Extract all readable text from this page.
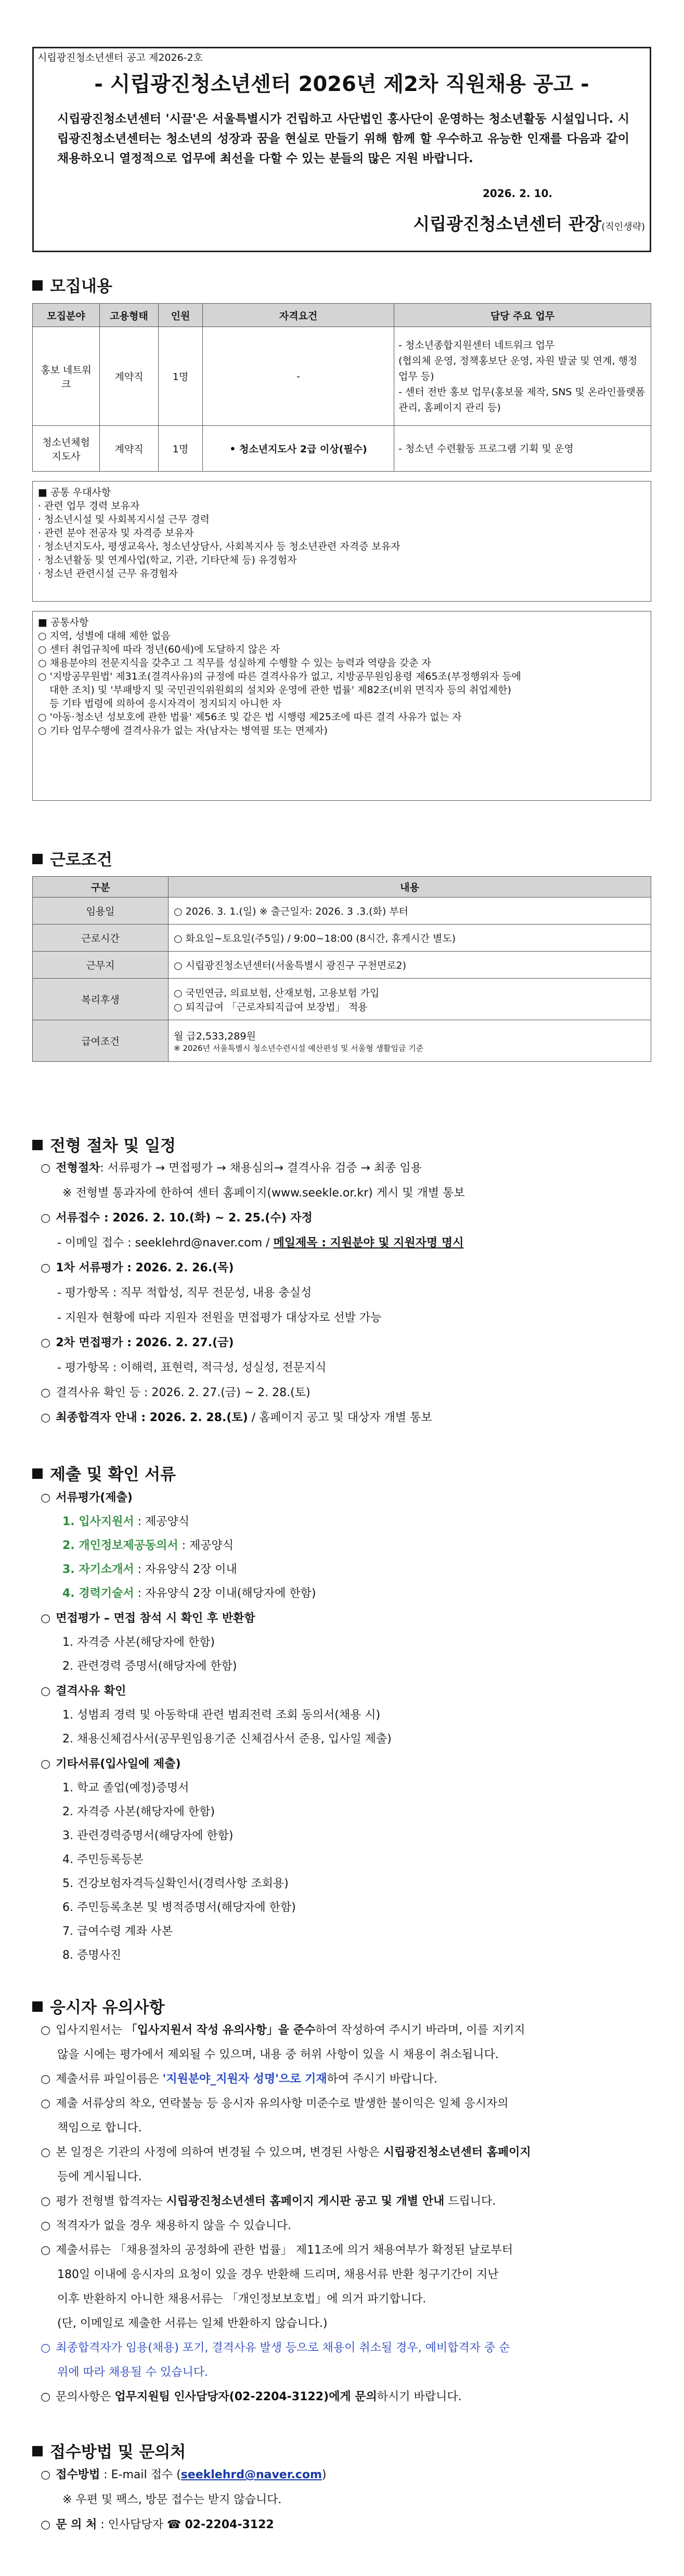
시립광진청소년센터 공고 제2026-2호
- 시립광진청소년센터 2026년 제2차 직원채용 공고 -
시립광진청소년센터 '시끌'은 서울특별시가 건립하고 사단법인 홍사단이 운영하는 청소년활동 시설입니다. 시립광진청소년센터는 청소년의 성장과 꿈을 현실로 만들기 위해 함께 할 우수하고 유능한 인재를 다음과 같이 채용하오니 열정적으로 업무에 최선을 다할 수 있는 분들의 많은 지원 바랍니다.
2026. 2. 10.
시립광진청소년센터 관장(직인생략)
모집내용
모집분야	고용형태	인원	자격요건	담당 주요 업무
홍보 네트워크	계약직	1명	-	- 청소년종합지원센터 네트워크 업무
(협의체 운영, 정책홍보단 운영, 자원 발굴 및 연계, 행정업무 등)
- 센터 전반 홍보 업무(홍보물 제작, SNS 및 온라인플랫폼 관리, 홈페이지 관리 등)

청소년체험 지도사	계약직	1명	• 청소년지도사 2급 이상(필수)	- 청소년 수련활동 프로그램 기획 및 운영
■ 공통 우대사항
· 관련 업무 경력 보유자
· 청소년시설 및 사회복지시설 근무 경력
· 관련 분야 전공자 및 자격증 보유자
· 청소년지도사, 평생교육사, 청소년상담사, 사회복지사 등 청소년관련 자격증 보유자
· 청소년활동 및 연계사업(학교, 기관, 기타단체 등) 유경험자
· 청소년 관련시설 근무 유경험자
■ 공통사항
○ 지역, 성별에 대해 제한 없음
○ 센터 취업규칙에 따라 정년(60세)에 도달하지 않은 자
○ 채용분야의 전문지식을 갖추고 그 직무를 성실하게 수행할 수 있는 능력과 역량을 갖춘 자
○ '지방공무원법' 제31조(결격사유)의 규정에 따른 결격사유가 없고, 지방공무원임용령 제65조(부정행위자 등에
대한 조치) 및 '부패방지 및 국민권익위원회의 설치와 운영에 관한 법률' 제82조(비위 면직자 등의 취업제한)
등 기타 법령에 의하여 응시자격이 정지되지 아니한 자
○ '아동·청소년 성보호에 관한 법률' 제56조 및 같은 법 시행령 제25조에 따른 결격 사유가 없는 자
○ 기타 업무수행에 결격사유가 없는 자(남자는 병역필 또는 면제자)
근로조건
구분	내용
임용일	○ 2026. 3. 1.(일) ※ 출근일자: 2026. 3 .3.(화) 부터
근로시간	○ 화요일~토요일(주5일) / 9:00~18:00 (8시간, 휴게시간 별도)
근무지	○ 시립광진청소년센터(서울특별시 광진구 구천면로2)
복리후생	○ 국민연금, 의료보험, 산재보험, 고용보험 가입
○ 퇴직급여 「근로자퇴직급여 보장법」 적용

급여조건	월 급2,533,289원
※ 2026년 서울특별시 청소년수련시설 예산편성 및 서울형 생활임금 기준
전형 절차 및 일정
○ 전형절차: 서류평가 → 면접평가 → 채용심의→ 결격사유 검증 → 최종 임용
※ 전형별 통과자에 한하여 센터 홈페이지(www.seekle.or.kr) 게시 및 개별 통보
○ 서류접수 : 2026. 2. 10.(화) ~ 2. 25.(수) 자정
- 이메일 접수 : seeklehrd@naver.com / 메일제목 : 지원분야 및 지원자명 명시
○ 1차 서류평가 : 2026. 2. 26.(목)
- 평가항목 : 직무 적합성, 직무 전문성, 내용 충실성
- 지원자 현황에 따라 지원자 전원을 면접평가 대상자로 선발 가능
○ 2차 면접평가 : 2026. 2. 27.(금)
- 평가항목 : 이해력, 표현력, 적극성, 성실성, 전문지식
○ 결격사유 확인 등 : 2026. 2. 27.(금) ~ 2. 28.(토)
○ 최종합격자 안내 : 2026. 2. 28.(토) / 홈페이지 공고 및 대상자 개별 통보
제출 및 확인 서류
○ 서류평가(제출)
1. 입사지원서 : 제공양식
2. 개인정보제공동의서 : 제공양식
3. 자기소개서 : 자유양식 2장 이내
4. 경력기술서 : 자유양식 2장 이내(해당자에 한함)
○ 면접평가 – 면접 참석 시 확인 후 반환함
1. 자격증 사본(해당자에 한함)
2. 관련경력 증명서(해당자에 한함)
○ 결격사유 확인
1. 성범죄 경력 및 아동학대 관련 범죄전력 조회 동의서(채용 시)
2. 채용신체검사서(공무원임용기준 신체검사서 준용, 입사일 제출)
○ 기타서류(입사일에 제출)
1. 학교 졸업(예정)증명서
2. 자격증 사본(해당자에 한함)
3. 관련경력증명서(해당자에 한함)
4. 주민등록등본
5. 건강보험자격득실확인서(경력사항 조회용)
6. 주민등록초본 및 병적증명서(해당자에 한함)
7. 급여수령 계좌 사본
8. 증명사진
응시자 유의사항
○ 입사지원서는 「입사지원서 작성 유의사항」을 준수하여 작성하여 주시기 바라며, 이를 지키지
않을 시에는 평가에서 제외될 수 있으며, 내용 중 허위 사항이 있을 시 채용이 취소됩니다.
○ 제출서류 파일이름은 '지원분야_지원자 성명'으로 기재하여 주시기 바랍니다.
○ 제출 서류상의 착오, 연락불능 등 응시자 유의사항 미준수로 발생한 불이익은 일체 응시자의
책임으로 합니다.
○ 본 일정은 기관의 사정에 의하여 변경될 수 있으며, 변경된 사항은 시립광진청소년센터 홈페이지
등에 게시됩니다.
○ 평가 전형별 합격자는 시립광진청소년센터 홈페이지 게시판 공고 및 개별 안내 드립니다.
○ 적격자가 없을 경우 채용하지 않을 수 있습니다.
○ 제출서류는 「채용절차의 공정화에 관한 법률」 제11조에 의거 채용여부가 확정된 날로부터
180일 이내에 응시자의 요청이 있을 경우 반환해 드리며, 채용서류 반환 청구기간이 지난
이후 반환하지 아니한 채용서류는 「개인정보보호법」에 의거 파기합니다.
(단, 이메일로 제출한 서류는 일체 반환하지 않습니다.)
○ 최종합격자가 임용(채용) 포기, 결격사유 발생 등으로 채용이 취소될 경우, 예비합격자 중 순
위에 따라 채용될 수 있습니다.
○ 문의사항은 업무지원팀 인사담당자(02-2204-3122)에게 문의하시기 바랍니다.
접수방법 및 문의처
○ 접수방법 : E-mail 접수 (seeklehrd@naver.com)
※ 우편 및 팩스, 방문 접수는 받지 않습니다.
○ 문 의 처 : 인사담당자 ☎ 02-2204-3122
